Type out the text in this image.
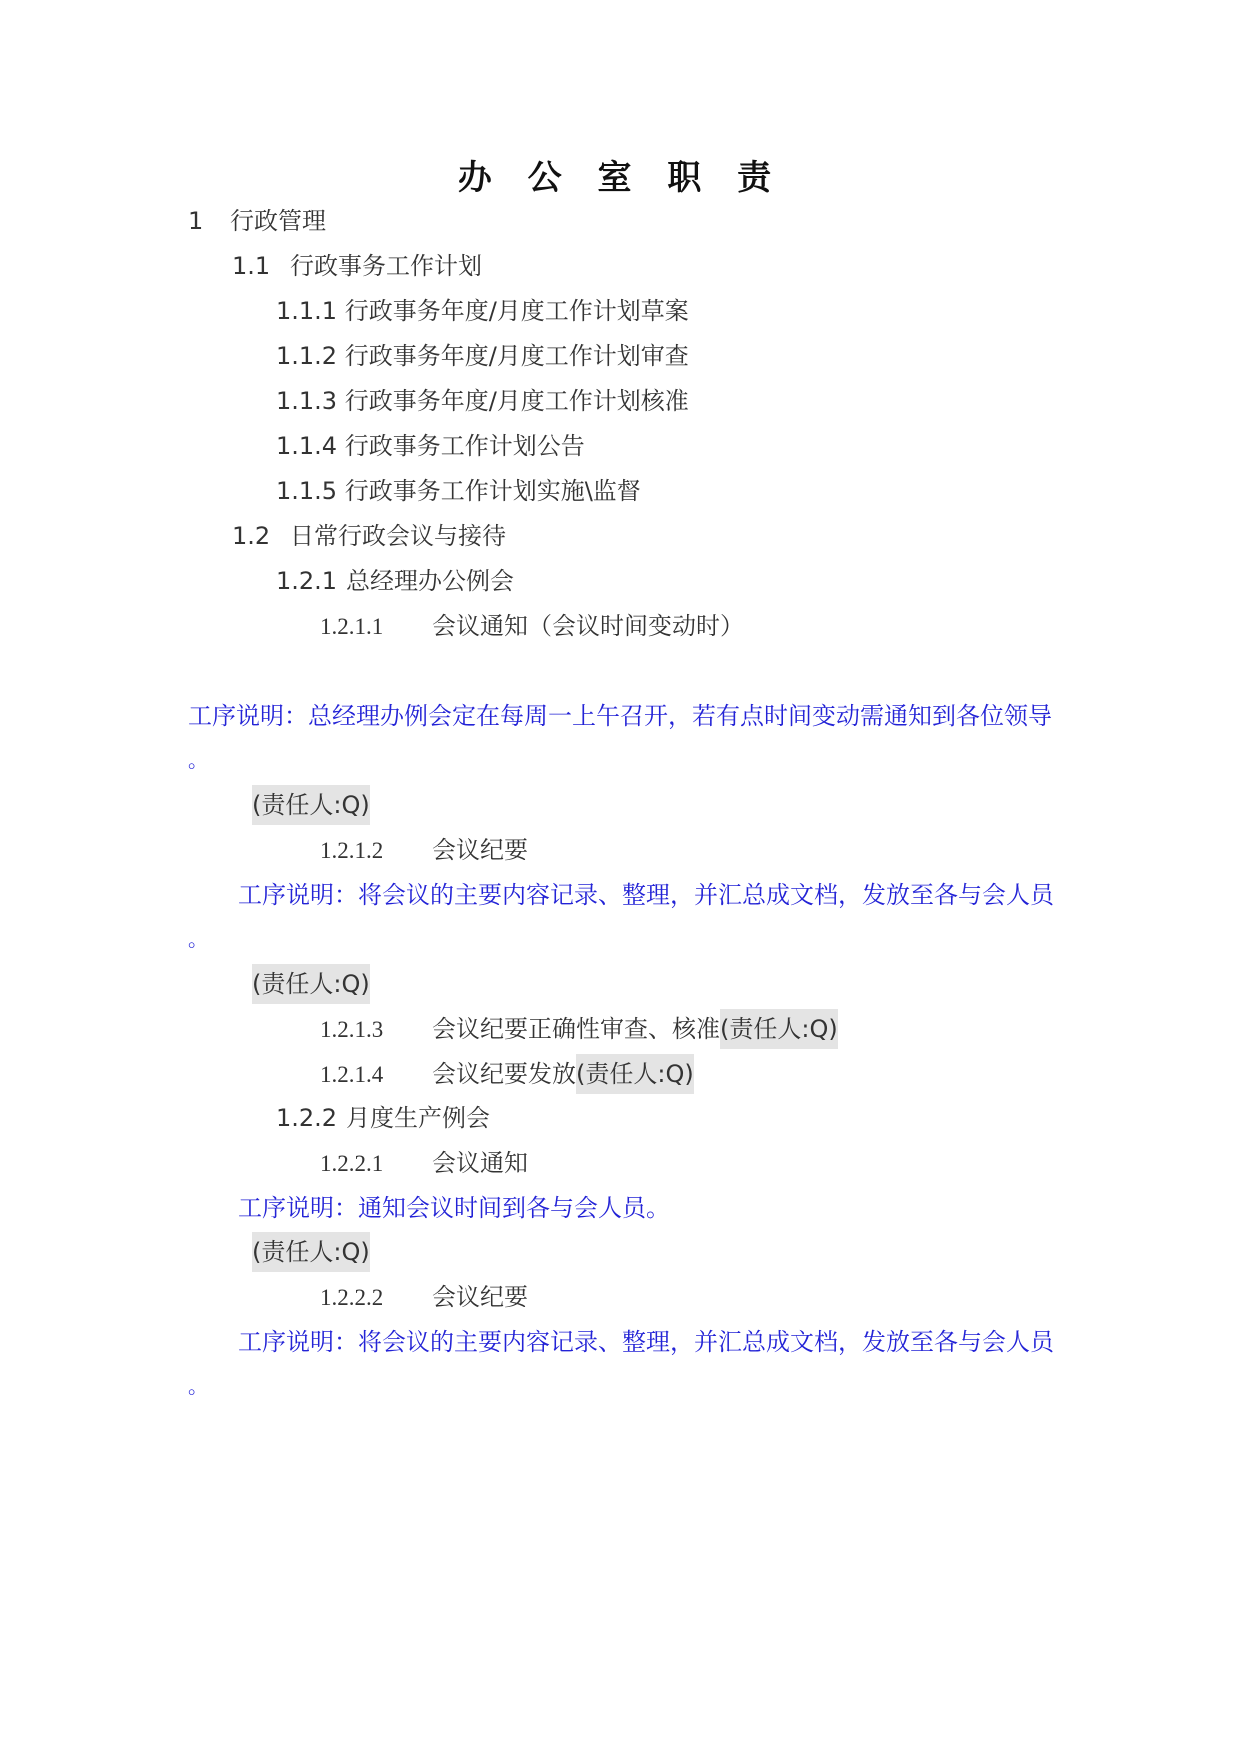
办 公 室 职 责
1 行政管理
1.1 行政事务工作计划
1.1.1 行政事务年度/月度工作计划草案
1.1.2 行政事务年度/月度工作计划审查
1.1.3 行政事务年度/月度工作计划核准
1.1.4 行政事务工作计划公告
1.1.5 行政事务工作计划实施\监督
1.2 日常行政会议与接待
1.2.1 总经理办公例会
1.2.1.1 会议通知（会议时间变动时）
工序说明：总经理办例会定在每周一上午召开，若有点时间变动需通知到各位领导
。
(责任人:Q)
1.2.1.2 会议纪要
工序说明：将会议的主要内容记录、整理，并汇总成文档，发放至各与会人员
。
(责任人:Q)
1.2.1.3 会议纪要正确性审查、核准(责任人:Q)
1.2.1.4 会议纪要发放(责任人:Q)
1.2.2 月度生产例会
1.2.2.1 会议通知
工序说明：通知会议时间到各与会人员。
(责任人:Q)
1.2.2.2 会议纪要
工序说明：将会议的主要内容记录、整理，并汇总成文档，发放至各与会人员
。
